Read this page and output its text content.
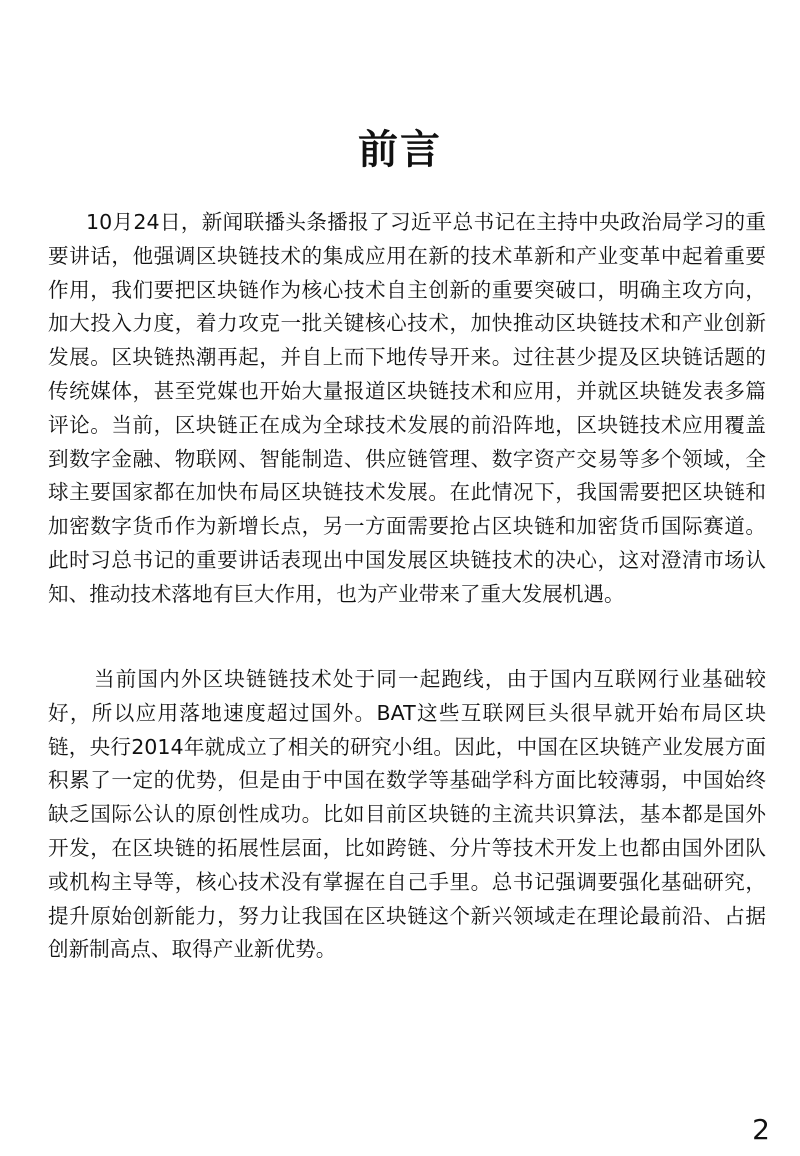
前言

10月24日，新闻联播头条播报了习近平总书记在主持中央政治局学习的重要讲话，他强调区块链技术的集成应用在新的技术革新和产业变革中起着重要作用，我们要把区块链作为核心技术自主创新的重要突破口，明确主攻方向，加大投入力度，着力攻克一批关键核心技术，加快推动区块链技术和产业创新发展。区块链热潮再起，并自上而下地传导开来。过往甚少提及区块链话题的传统媒体，甚至党媒也开始大量报道区块链技术和应用，并就区块链发表多篇评论。当前，区块链正在成为全球技术发展的前沿阵地，区块链技术应用覆盖到数字金融、物联网、智能制造、供应链管理、数字资产交易等多个领域，全球主要国家都在加快布局区块链技术发展。在此情况下，我国需要把区块链和加密数字货币作为新增长点，另一方面需要抢占区块链和加密货币国际赛道。此时习总书记的重要讲话表现出中国发展区块链技术的决心，这对澄清市场认知、推动技术落地有巨大作用，也为产业带来了重大发展机遇。

当前国内外区块链链技术处于同一起跑线，由于国内互联网行业基础较好，所以应用落地速度超过国外。BAT这些互联网巨头很早就开始布局区块链，央行2014年就成立了相关的研究小组。因此，中国在区块链产业发展方面积累了一定的优势，但是由于中国在数学等基础学科方面比较薄弱，中国始终缺乏国际公认的原创性成功。比如目前区块链的主流共识算法，基本都是国外开发，在区块链的拓展性层面，比如跨链、分片等技术开发上也都由国外团队或机构主导等，核心技术没有掌握在自己手里。总书记强调要强化基础研究，提升原始创新能力，努力让我国在区块链这个新兴领域走在理论最前沿、占据创新制高点、取得产业新优势。

2
